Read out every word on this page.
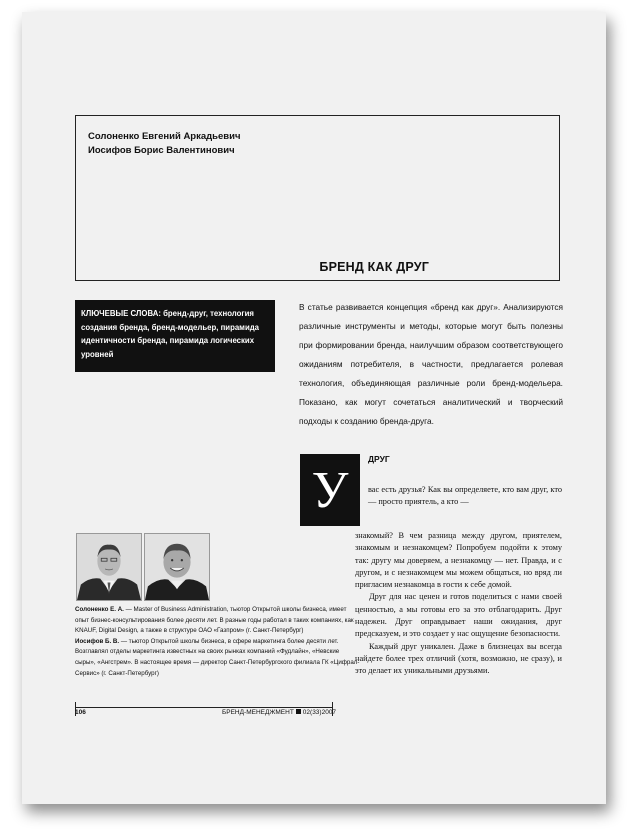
Солоненко Евгений Аркадьевич
Иосифов Борис Валентинович
БРЕНД КАК ДРУГ
КЛЮЧЕВЫЕ СЛОВА: бренд-друг, технология создания бренда, бренд-модельер, пирамида идентичности бренда, пирамида логических уровней
В статье развивается концепция «бренд как друг». Анализируются различные инструменты и методы, которые могут быть полезны при формировании бренда, наилучшим образом соответствующего ожиданиям потребителя, в частности, предлагается ролевая технология, объединяющая различные роли бренд-модельера. Показано, как могут сочетаться аналитический и творческий подходы к созданию бренда-друга.
У
ДРУГ
вас есть друзья? Как вы определяете, кто вам друг, кто — просто приятель, а кто —

знакомый? В чем разница между другом, приятелем, знакомым и незнакомцем? Попробуем подойти к этому так: другу мы доверяем, а незнакомцу — нет. Правда, и с другом, и с незнакомцем мы можем общаться, но вряд ли пригласим незнакомца в гости к себе домой.

Друг для нас ценен и готов поделиться с нами своей ценностью, а мы готовы его за это отблагодарить. Друг надежен. Друг оправдывает наши ожидания, друг предсказуем, и это создает у нас ощущение безопасности.

Каждый друг уникален. Даже в близнецах вы всегда найдете более трех отличий (хотя, возможно, не сразу), и это делает их уникальными друзьями.

Солоненко Е. А. — Master of Business Administration, тьютор Открытой школы бизнеса, имеет опыт бизнес-консультирования более десяти лет. В разные годы работал в таких компаниях, как KNAUF, Digital Design, а также в структуре ОАО «Газпром» (г. Санкт-Петербург)

Иосифов Б. В. — тьютор Открытой школы бизнеса, в сфере маркетинга более десяти лет. Возглавлял отделы маркетинга известных на своих рынках компаний «Фудлайн», «Невские сыры», «Ангстрем». В настоящее время — директор Санкт-Петербургского филиала ГК «Цифрал-Сервис» (г. Санкт-Петербург)

106	БРЕНД-МЕНЕДЖМЕНТ 02(33)2007
